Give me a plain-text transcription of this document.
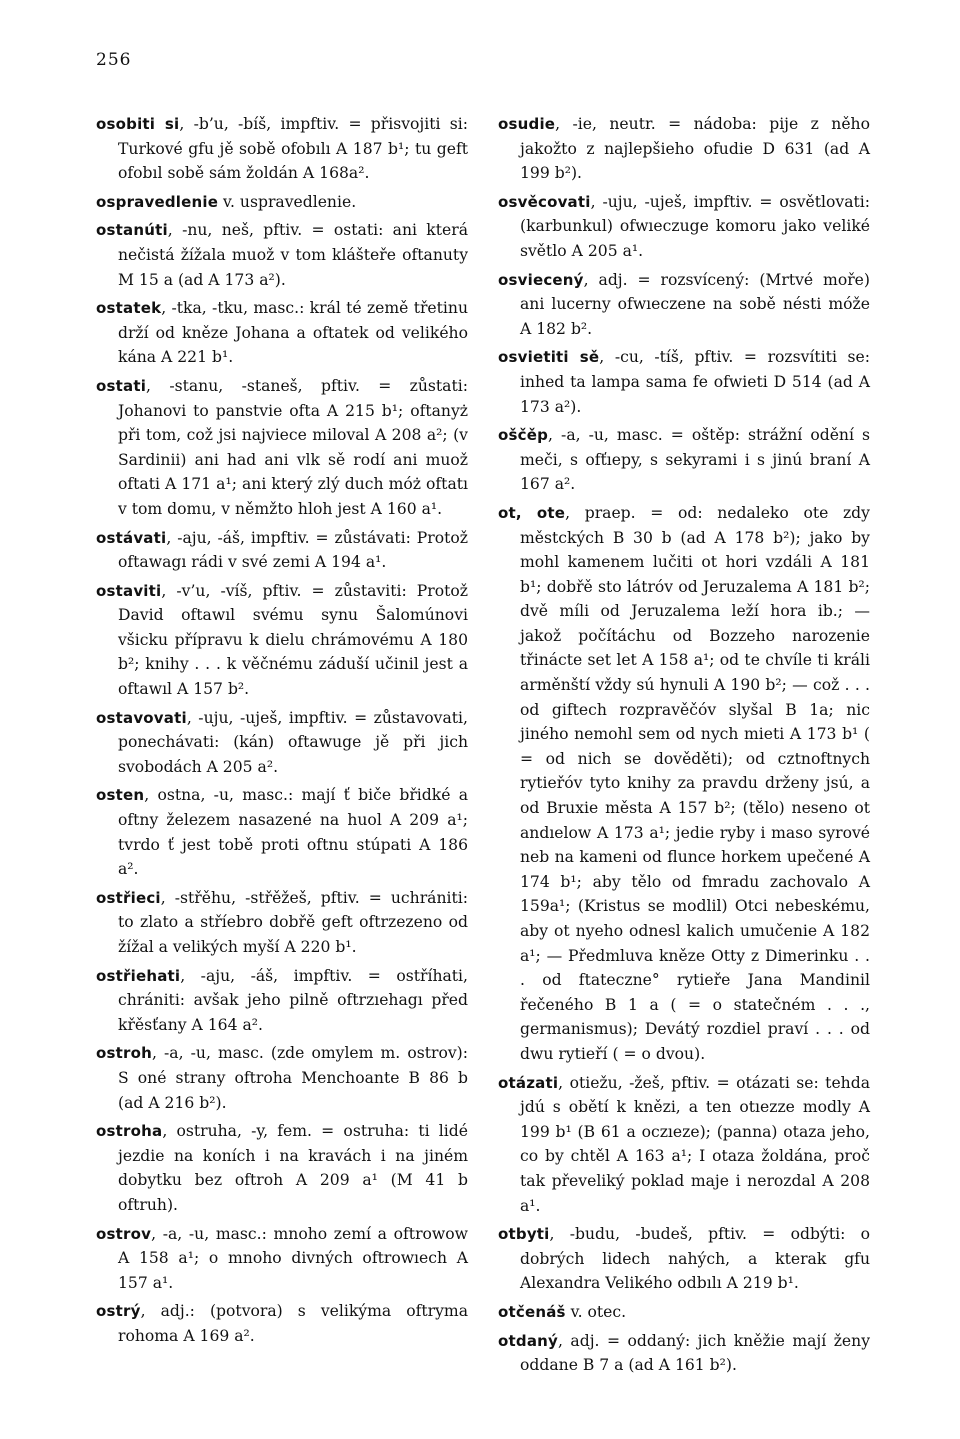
256

osobiti si, -b’u, -bíš, impftiv. = přisvojiti si: Turkové gfu jě sobě ofobılı A 187 b¹; tu geft ofobıl sobě sám žoldán A 168a².

ospravedlenie v. uspravedlenie.

ostanúti, -nu, neš, pftiv. = ostati: ani která nečistá žížala muož v tom klášteře oftanuty M 15 a (ad A 173 a²).

ostatek, -tka, -tku, masc.: král té země třetinu drží od kněze Johana a oftatek od velikého kána A 221 b¹.

ostati, -stanu, -staneš, pftiv. = zůstati: Johanovi to panstvie ofta A 215 b¹; oftanyż při tom, což jsi najviece miloval A 208 a²; (v Sardinii) ani had ani vlk sě rodí ani muož oftati A 171 a¹; ani který zlý duch móż oftatı v tom domu, v němžto hloh jest A 160 a¹.

ostávati, -aju, -áš, impftiv. = zůstávati: Protož oftawagı rádi v své zemi A 194 a¹.

ostaviti, -v’u, -víš, pftiv. = zůstaviti: Protož David oftawıl svému synu Šalomúnovi všicku přípravu k dielu chrámovému A 180 b²; knihy . . . k věčnému záduší učinil jest a oftawıl A 157 b².

ostavovati, -uju, -uješ, impftiv. = zůstavovati, ponechávati: (kán) oftawuge jě při jich svobodách A 205 a².

osten, ostna, -u, masc.: mají ť biče břidké a oftny železem nasazené na huol A 209 a¹; tvrdo ť jest tobě proti oftnu stúpati A 186 a².

ostřieci, -střěhu, -střěžeš, pftiv. = uchrániti: to zlato a stříebro dobřě geft oftrzezeno od žížal a velikých myší A 220 b¹.

ostřiehati, -aju, -áš, impftiv. = ostříhati, chrániti: avšak jeho pilně oftrzıehagı před křěsťany A 164 a².

ostroh, -a, -u, masc. (zde omylem m. ostrov): S oné strany oftroha Menchoante B 86 b (ad A 216 b²).

ostroha, ostruha, -y, fem. = ostruha: ti lidé jezdie na koních i na kravách i na jiném dobytku bez oftroh A 209 a¹ (M 41 b oftruh).

ostrov, -a, -u, masc.: mnoho zemí a oftrowow A 158 a¹; o mnoho divných oftrowıech A 157 a¹.

ostrý, adj.: (potvora) s velikýma oftryma rohoma A 169 a².

osudie, -ie, neutr. = nádoba: pije z něho jakožto z najlepšieho ofudie D 631 (ad A 199 b²).

osvěcovati, -uju, -uješ, impftiv. = osvětlovati: (karbunkul) ofwıeczuge komoru jako veliké světlo A 205 a¹.

osviecený, adj. = rozsvícený: (Mrtvé moře) ani lucerny ofwıeczene na sobě nésti móže A 182 b².

osvietiti sě, -cu, -tíš, pftiv. = rozsvítiti se: inhed ta lampa sama fe ofwieti D 514 (ad A 173 a²).

oščěp, -a, -u, masc. = oštěp: strážní odění s meči, s ofťıepy, s sekyrami i s jinú braní A 167 a².

ot, ote, praep. = od: nedaleko ote zdy městckých B 30 b (ad A 178 b²); jako by mohl kamenem lučiti ot hori vzdáli A 181 b¹; dobřě sto látróv od Jeruzalema A 181 b²; dvě míli od Jeruzalema leží hora ib.; — jakož počítáchu od Bozzeho narozenie třinácte set let A 158 a¹; od te chvíle ti králi arměnští vždy sú hynuli A 190 b²; — což . . . od giftech rozpravěčóv slyšal B 1a; nic jiného nemohl sem od nych mieti A 173 b¹ ( = od nich se dověděti); od cztnoftnych rytieřóv tyto knihy za pravdu drženy jsú, a od Bruxie města A 157 b²; (tělo) neseno ot andıelow A 173 a¹; jedie ryby i maso syrové neb na kameni od flunce horkem upečené A 174 b¹; aby tělo od fmradu zachovalo A 159a¹; (Kristus se modlil) Otci nebeskému, aby ot nyeho odnesl kalich umučenie A 182 a¹; — Předmluva kněze Otty z Dimerinku . . . od ftateczne° rytieře Jana Mandinil řečeného B 1 a ( = o statečném . . ., germanismus); Devátý rozdiel praví . . . od dwu rytieří ( = o dvou).

otázati, otiežu, -žeš, pftiv. = otázati se: tehda jdú s obětí k knězi, a ten otıezze modly A 199 b¹ (B 61 a oczıeze); (panna) otaza jeho, co by chtěl A 163 a¹; I otaza žoldána, proč tak převeliký poklad maje i nerozdal A 208 a¹.

otbyti, -budu, -budeš, pftiv. = odbýti: o dobrých lidech nahých, a kterak gfu Alexandra Velikého odbılı A 219 b¹.

otčenáš v. otec.

otdaný, adj. = oddaný: jich kněžie mají ženy oddane B 7 a (ad A 161 b²).
